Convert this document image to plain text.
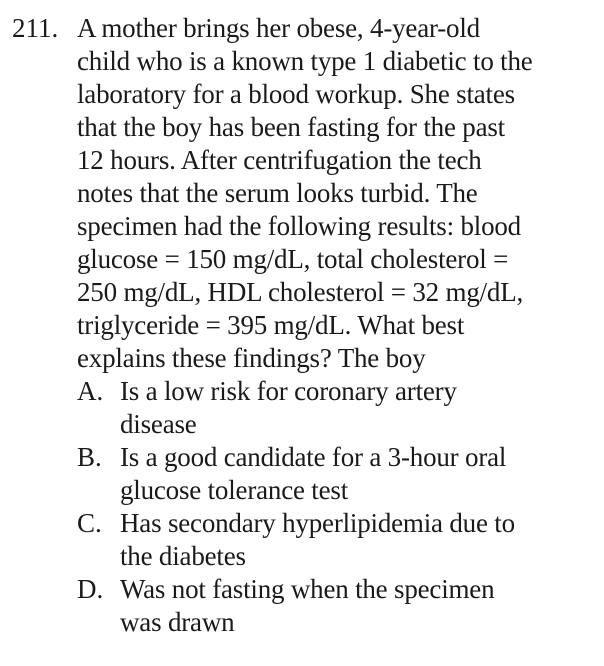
211. A mother brings her obese, 4-year-old
child who is a known type 1 diabetic to the
laboratory for a blood workup. She states
that the boy has been fasting for the past
12 hours. After centrifugation the tech
notes that the serum looks turbid. The
specimen had the following results: blood
glucose = 150 mg/dL, total cholesterol =
250 mg/dL, HDL cholesterol = 32 mg/dL,
triglyceride = 395 mg/dL. What best
explains these findings? The boy
A. Is a low risk for coronary artery
disease
B. Is a good candidate for a 3-hour oral
glucose tolerance test
C. Has secondary hyperlipidemia due to
the diabetes
D. Was not fasting when the specimen
was drawn
